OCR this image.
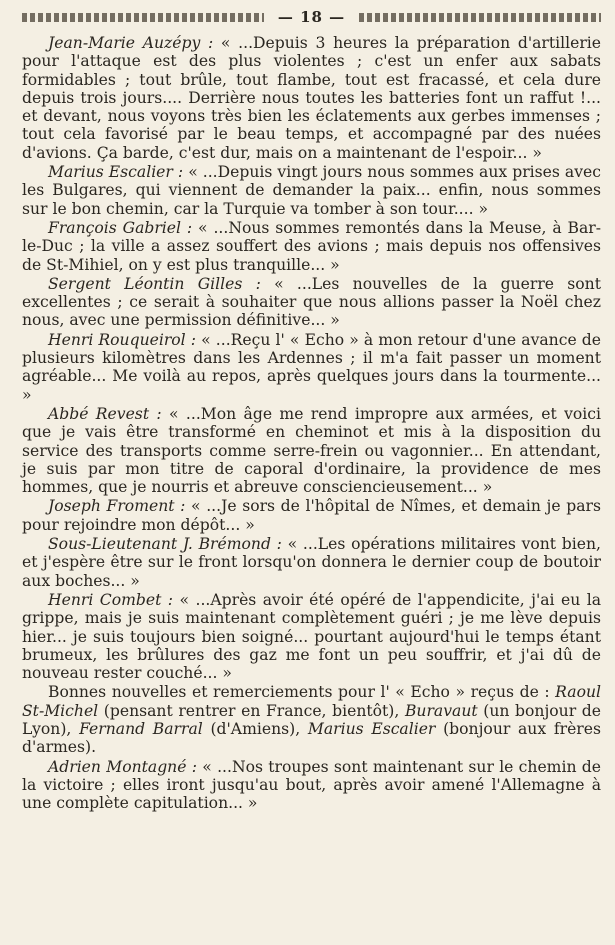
— 18 —

Jean-Marie Auzépy : « ...Depuis 3 heures la préparation d'artillerie pour l'attaque est des plus violentes ; c'est un enfer aux sabats formidables ; tout brûle, tout flambe, tout est fracassé, et cela dure depuis trois jours.... Derrière nous toutes les batteries font un raffut !... et devant, nous voyons très bien les éclatements aux gerbes immenses ; tout cela favorisé par le beau temps, et accompagné par des nuées d'avions. Ça barde, c'est dur, mais on a maintenant de l'espoir... »

Marius Escalier : « ...Depuis vingt jours nous sommes aux prises avec les Bulgares, qui viennent de demander la paix... enfin, nous sommes sur le bon chemin, car la Turquie va tomber à son tour.... »

François Gabriel : « ...Nous sommes remontés dans la Meuse, à Bar-le-Duc ; la ville a assez souffert des avions ; mais depuis nos offensives de St-Mihiel, on y est plus tranquille... »

Sergent Léontin Gilles : « ...Les nouvelles de la guerre sont excellentes ; ce serait à souhaiter que nous allions passer la Noël chez nous, avec une permission définitive... »

Henri Rouqueirol : « ...Reçu l' « Echo » à mon retour d'une avance de plusieurs kilomètres dans les Ardennes ; il m'a fait passer un moment agréable... Me voilà au repos, après quelques jours dans la tourmente... »

Abbé Revest : « ...Mon âge me rend impropre aux armées, et voici que je vais être transformé en cheminot et mis à la disposition du service des transports comme serre-frein ou vagonnier... En attendant, je suis par mon titre de caporal d'ordinaire, la providence de mes hommes, que je nourris et abreuve consciencieusement... »

Joseph Froment : « ...Je sors de l'hôpital de Nîmes, et demain je pars pour rejoindre mon dépôt... »

Sous-Lieutenant J. Brémond : « ...Les opérations militaires vont bien, et j'espère être sur le front lorsqu'on donnera le dernier coup de boutoir aux boches... »

Henri Combet : « ...Après avoir été opéré de l'appendicite, j'ai eu la grippe, mais je suis maintenant complètement guéri ; je me lève depuis hier... je suis toujours bien soigné... pourtant aujourd'hui le temps étant brumeux, les brûlures des gaz me font un peu souffrir, et j'ai dû de nouveau rester couché... »

Bonnes nouvelles et remerciements pour l' « Echo » reçus de : Raoul St-Michel (pensant rentrer en France, bientôt), Buravaut (un bonjour de Lyon), Fernand Barral (d'Amiens), Marius Escalier (bonjour aux frères d'armes).

Adrien Montagné : « ...Nos troupes sont maintenant sur le chemin de la victoire ; elles iront jusqu'au bout, après avoir amené l'Allemagne à une complète capitulation... »
